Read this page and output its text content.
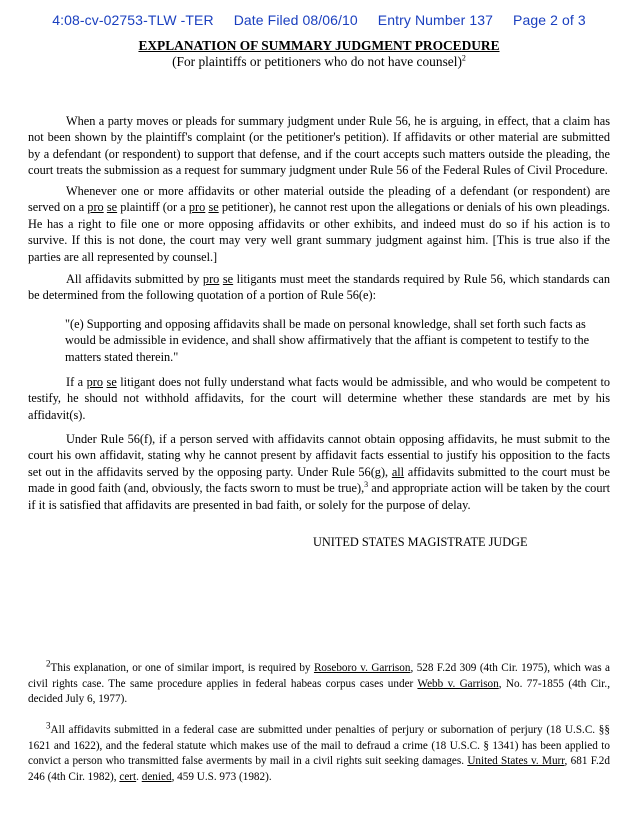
4:08-cv-02753-TLW -TER Date Filed 08/06/10 Entry Number 137 Page 2 of 3
EXPLANATION OF SUMMARY JUDGMENT PROCEDURE
(For plaintiffs or petitioners who do not have counsel)$^2$

When a party moves or pleads for summary judgment under Rule 56, he is arguing, in effect, that a claim has not been shown by the plaintiff's complaint (or the petitioner's petition). If affidavits or other material are submitted by a defendant (or respondent) to support that defense, and if the court accepts such matters outside the pleading, the court treats the submission as a request for summary judgment under Rule 56 of the Federal Rules of Civil Procedure.

Whenever one or more affidavits or other material outside the pleading of a defendant (or respondent) are served on a pro se plaintiff (or a pro se petitioner), he cannot rest upon the allegations or denials of his own pleadings. He has a right to file one or more opposing affidavits or other exhibits, and indeed must do so if his action is to survive. If this is not done, the court may very well grant summary judgment against him. [This is true also if the parties are all represented by counsel.]

All affidavits submitted by pro se litigants must meet the standards required by Rule 56, which standards can be determined from the following quotation of a portion of Rule 56(e):

"(e) Supporting and opposing affidavits shall be made on personal knowledge, shall set forth such facts as would be admissible in evidence, and shall show affirmatively that the affiant is competent to testify to the matters stated therein."

If a pro se litigant does not fully understand what facts would be admissible, and who would be competent to testify, he should not withhold affidavits, for the court will determine whether these standards are met by his affidavit(s).

Under Rule 56(f), if a person served with affidavits cannot obtain opposing affidavits, he must submit to the court his own affidavit, stating why he cannot present by affidavit facts essential to justify his opposition to the facts set out in the affidavits served by the opposing party. Under Rule 56(g), all affidavits submitted to the court must be made in good faith (and, obviously, the facts sworn to must be true),$^3$ and appropriate action will be taken by the court if it is satisfied that affidavits are presented in bad faith, or solely for the purpose of delay.

UNITED STATES MAGISTRATE JUDGE

$^2$This explanation, or one of similar import, is required by Roseboro v. Garrison, 528 F.2d 309 (4th Cir. 1975), which was a civil rights case. The same procedure applies in federal habeas corpus cases under Webb v. Garrison, No. 77-1855 (4th Cir., decided July 6, 1977).

$^3$All affidavits submitted in a federal case are submitted under penalties of perjury or subornation of perjury (18 U.S.C. §§ 1621 and 1622), and the federal statute which makes use of the mail to defraud a crime (18 U.S.C. § 1341) has been applied to convict a person who transmitted false averments by mail in a civil rights suit seeking damages. United States v. Murr, 681 F.2d 246 (4th Cir. 1982), cert. denied, 459 U.S. 973 (1982).
